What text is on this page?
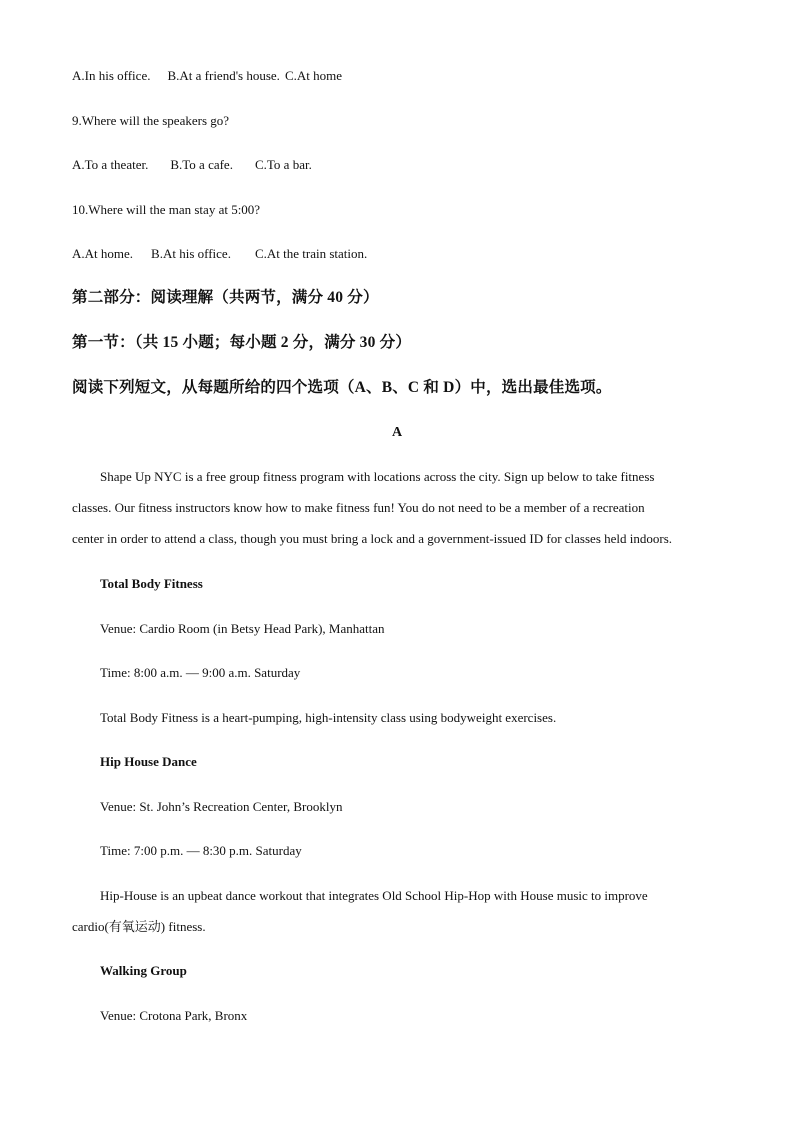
A.In his office. B.At a friend's house. C.At home
9.Where will the speakers go?
A.To a theater. B.To a cafe. C.To a bar.
10.Where will the man stay at 5:00?
A.At home. B.At his office. C.At the train station.
第二部分：阅读理解（共两节，满分 40 分）
第一节：（共 15 小题；每小题 2 分，满分 30 分）
阅读下列短文，从每题所给的四个选项（A、B、C 和 D）中，选出最佳选项。
A
Shape Up NYC is a free group fitness program with locations across the city. Sign up below to take fitness
classes. Our fitness instructors know how to make fitness fun! You do not need to be a member of a recreation
center in order to attend a class, though you must bring a lock and a government-issued ID for classes held indoors.
Total Body Fitness
Venue: Cardio Room (in Betsy Head Park), Manhattan
Time: 8:00 a.m. — 9:00 a.m. Saturday
Total Body Fitness is a heart-pumping, high-intensity class using bodyweight exercises.
Hip House Dance
Venue: St. John’s Recreation Center, Brooklyn
Time: 7:00 p.m. — 8:30 p.m. Saturday
Hip-House is an upbeat dance workout that integrates Old School Hip-Hop with House music to improve
cardio(有氧运动) fitness.
Walking Group
Venue: Crotona Park, Bronx
